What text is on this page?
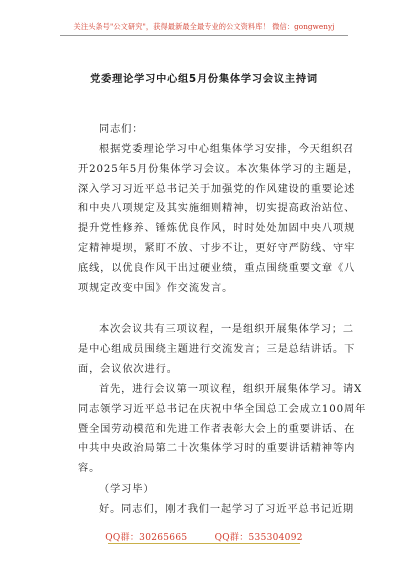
关注头条号"公文研究"，获得最新最全最专业的公文资料库！ 微信：gongwenyj
党委理论学习中心组5月份集体学习会议主持词
同志们：
根据党委理论学习中心组集体学习安排，今天组织召
开2025年5月份集体学习会议。本次集体学习的主题是，
深入学习习近平总书记关于加强党的作风建设的重要论述
和中央八项规定及其实施细则精神，切实提高政治站位、
提升党性修养、锤炼优良作风，时时处处加固中央八项规
定精神堤坝，紧盯不放、寸步不让，更好守严防线、守牢
底线，以优良作风干出过硬业绩，重点围绕重要文章《八
项规定改变中国》作交流发言。
本次会议共有三项议程，一是组织开展集体学习；二
是中心组成员围绕主题进行交流发言；三是总结讲话。下
面，会议依次进行。
首先，进行会议第一项议程，组织开展集体学习。请X
同志领学习近平总书记在庆祝中华全国总工会成立100周年
暨全国劳动模范和先进工作者表彰大会上的重要讲话、在
中共中央政治局第二十次集体学习时的重要讲话精神等内
容。
（学习毕）
好。同志们，刚才我们一起学习了习近平总书记近期
QQ群：30265665	QQ群：535304092
